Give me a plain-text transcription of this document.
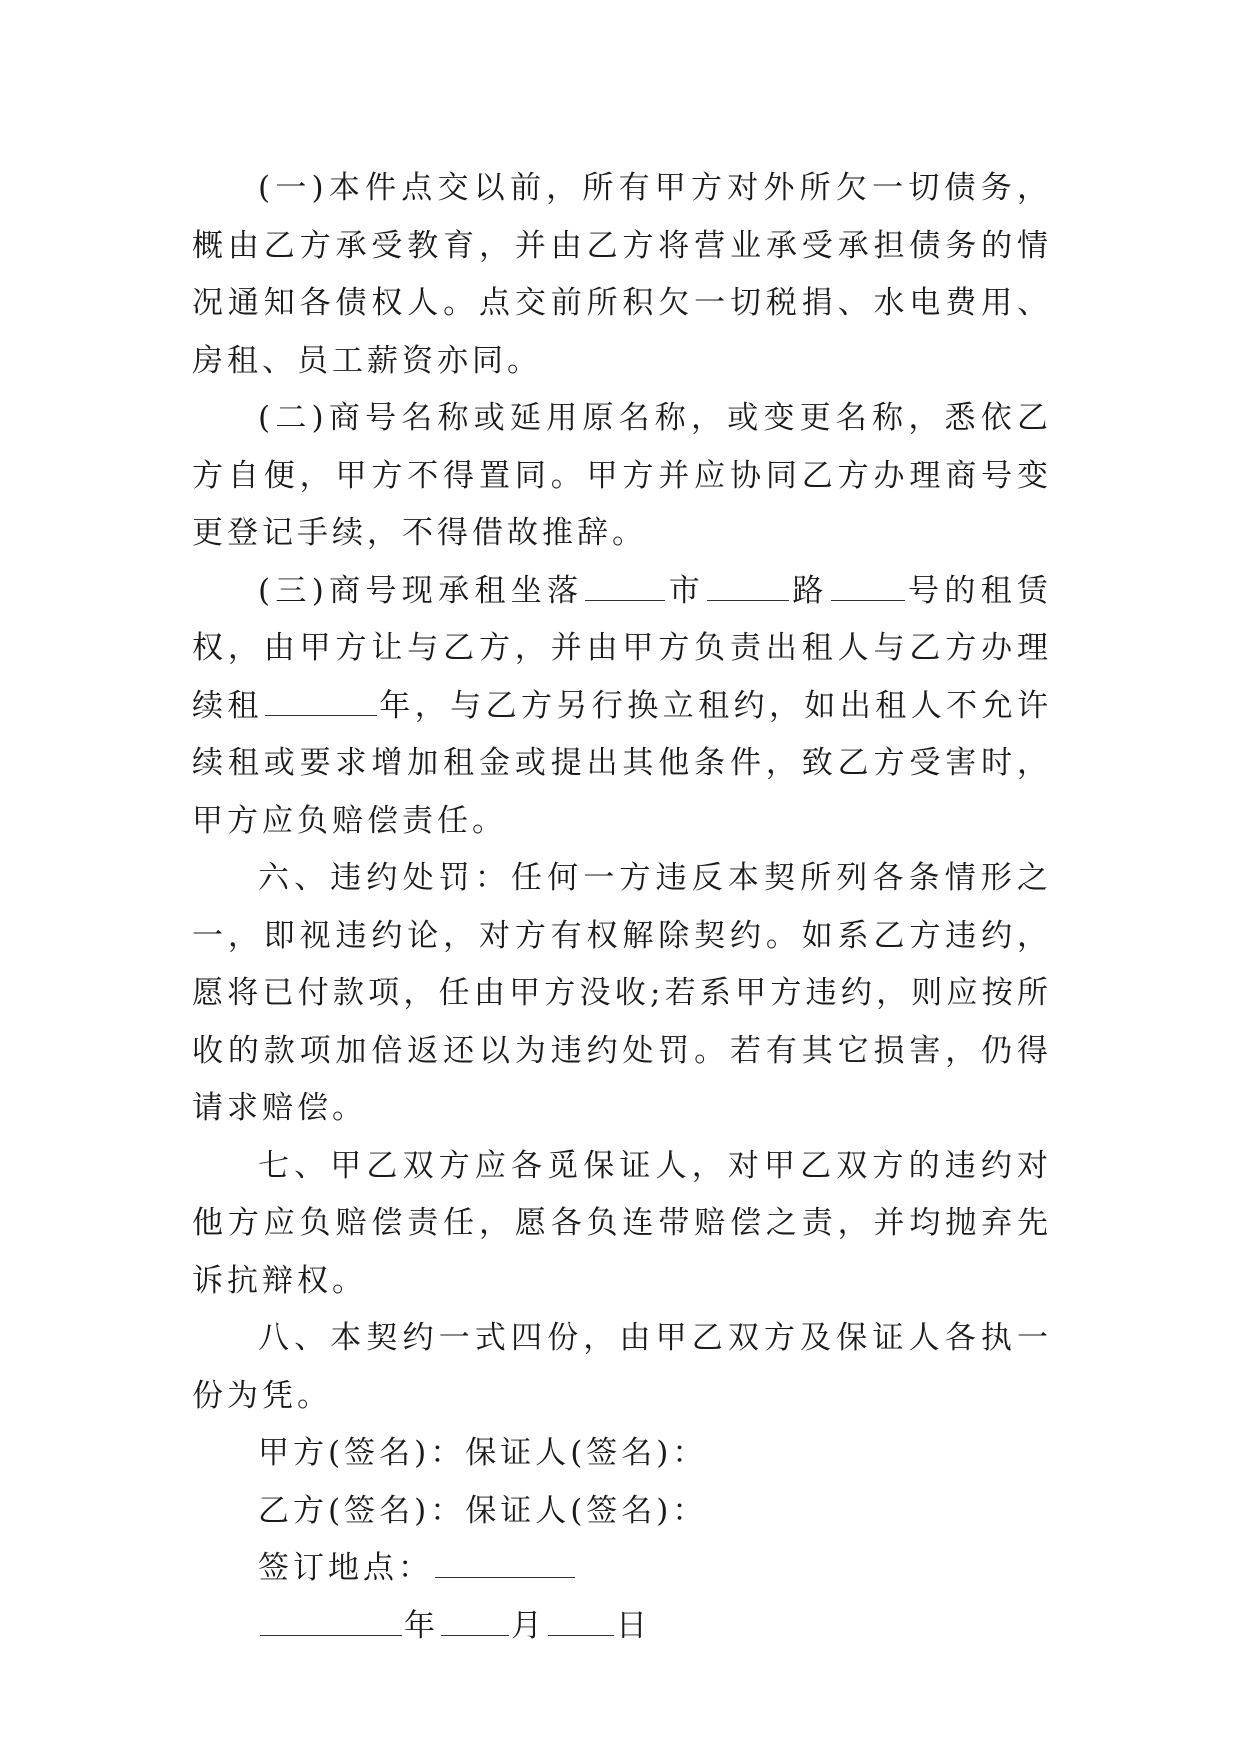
(一)本件点交以前，所有甲方对外所欠一切债务，概由乙方承受教育，并由乙方将营业承受承担债务的情况通知各债权人。点交前所积欠一切税捐、水电费用、房租、员工薪资亦同。

(二)商号名称或延用原名称，或变更名称，悉依乙方自便，甲方不得置同。甲方并应协同乙方办理商号变更登记手续，不得借故推辞。

(三)商号现承租坐落	市	路	号的租赁权，由甲方让与乙方，并由甲方负责出租人与乙方办理续租	年，与乙方另行换立租约，如出租人不允许续租或要求增加租金或提出其他条件，致乙方受害时，甲方应负赔偿责任。

六、违约处罚：任何一方违反本契所列各条情形之一，即视违约论，对方有权解除契约。如系乙方违约，愿将已付款项，任由甲方没收;若系甲方违约，则应按所收的款项加倍返还以为违约处罚。若有其它损害，仍得请求赔偿。

七、甲乙双方应各觅保证人，对甲乙双方的违约对他方应负赔偿责任，愿各负连带赔偿之责，并均抛弃先诉抗辩权。

八、本契约一式四份，由甲乙双方及保证人各执一份为凭。

甲方(签名)：保证人(签名)：

乙方(签名)：保证人(签名)：

签订地点：

年 月 日
